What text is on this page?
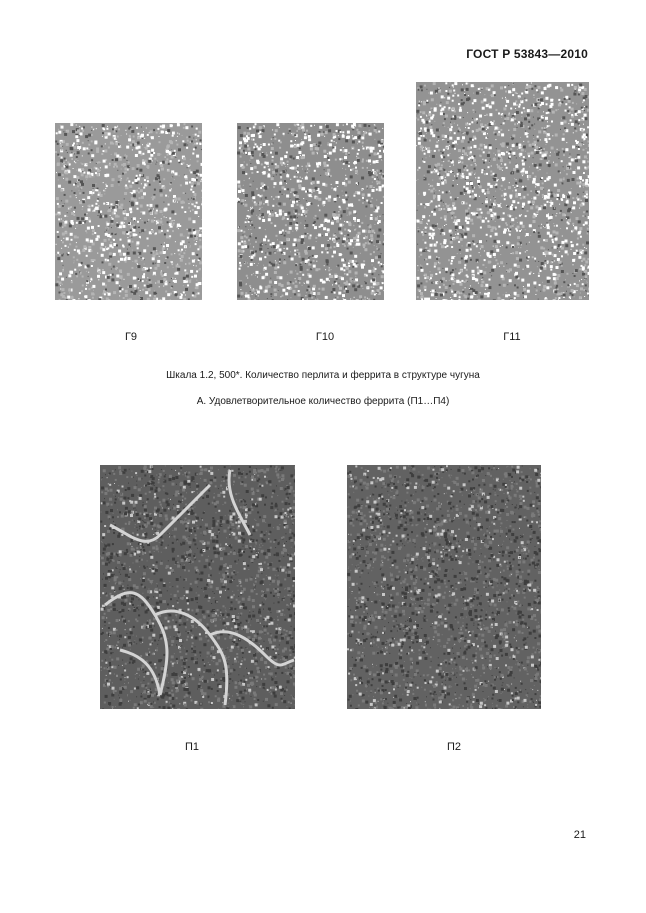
ГОСТ Р 53843—2010
Г9	Г10	Г11
Шкала 1.2, 500*. Количество перлита и феррита в структуре чугуна
А. Удовлетворительное количество феррита (П1…П4)
П1	П2
21
